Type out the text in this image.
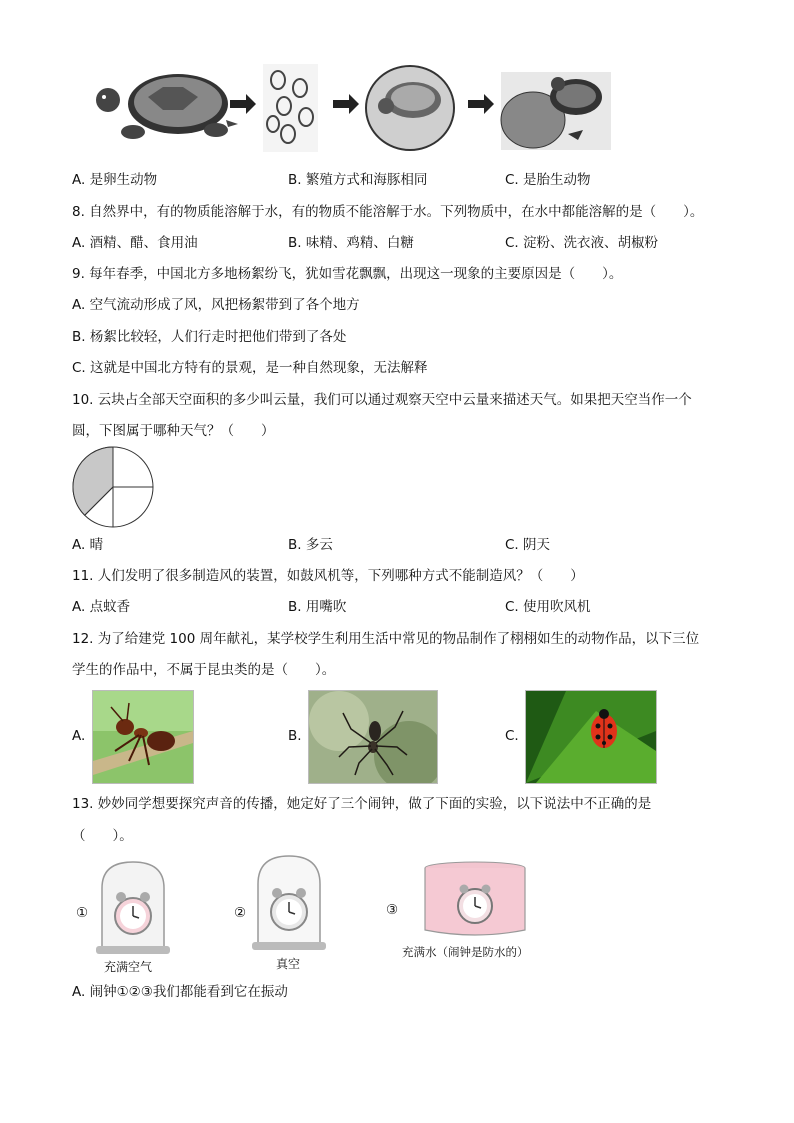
A. 是卵生动物	B. 繁殖方式和海豚相同	C. 是胎生动物
8. 自然界中，有的物质能溶解于水，有的物质不能溶解于水。下列物质中，在水中都能溶解的是（　　）。
A. 酒精、醋、食用油	B. 味精、鸡精、白糖	C. 淀粉、洗衣液、胡椒粉
9. 每年春季，中国北方多地杨絮纷飞，犹如雪花飘飘，出现这一现象的主要原因是（　　）。
A. 空气流动形成了风，风把杨絮带到了各个地方
B. 杨絮比较轻，人们行走时把他们带到了各处
C. 这就是中国北方特有的景观，是一种自然现象，无法解释
10. 云块占全部天空面积的多少叫云量，我们可以通过观察天空中云量来描述天气。如果把天空当作一个
圆，下图属于哪种天气？（　　）
A. 晴	B. 多云	C. 阴天
11. 人们发明了很多制造风的装置，如鼓风机等，下列哪种方式不能制造风？（　　）
A. 点蚊香	B. 用嘴吹	C. 使用吹风机
12. 为了给建党 100 周年献礼，某学校学生利用生活中常见的物品制作了栩栩如生的动物作品，以下三位
学生的作品中，不属于昆虫类的是（　　）。
A.	B.	C.
13. 妙妙同学想要探究声音的传播，她定好了三个闹钟，做了下面的实验，以下说法中不正确的是
（　　）。
①
充满空气
②
真空
③
充满水（闹钟是防水的）
A. 闹钟①②③我们都能看到它在振动
